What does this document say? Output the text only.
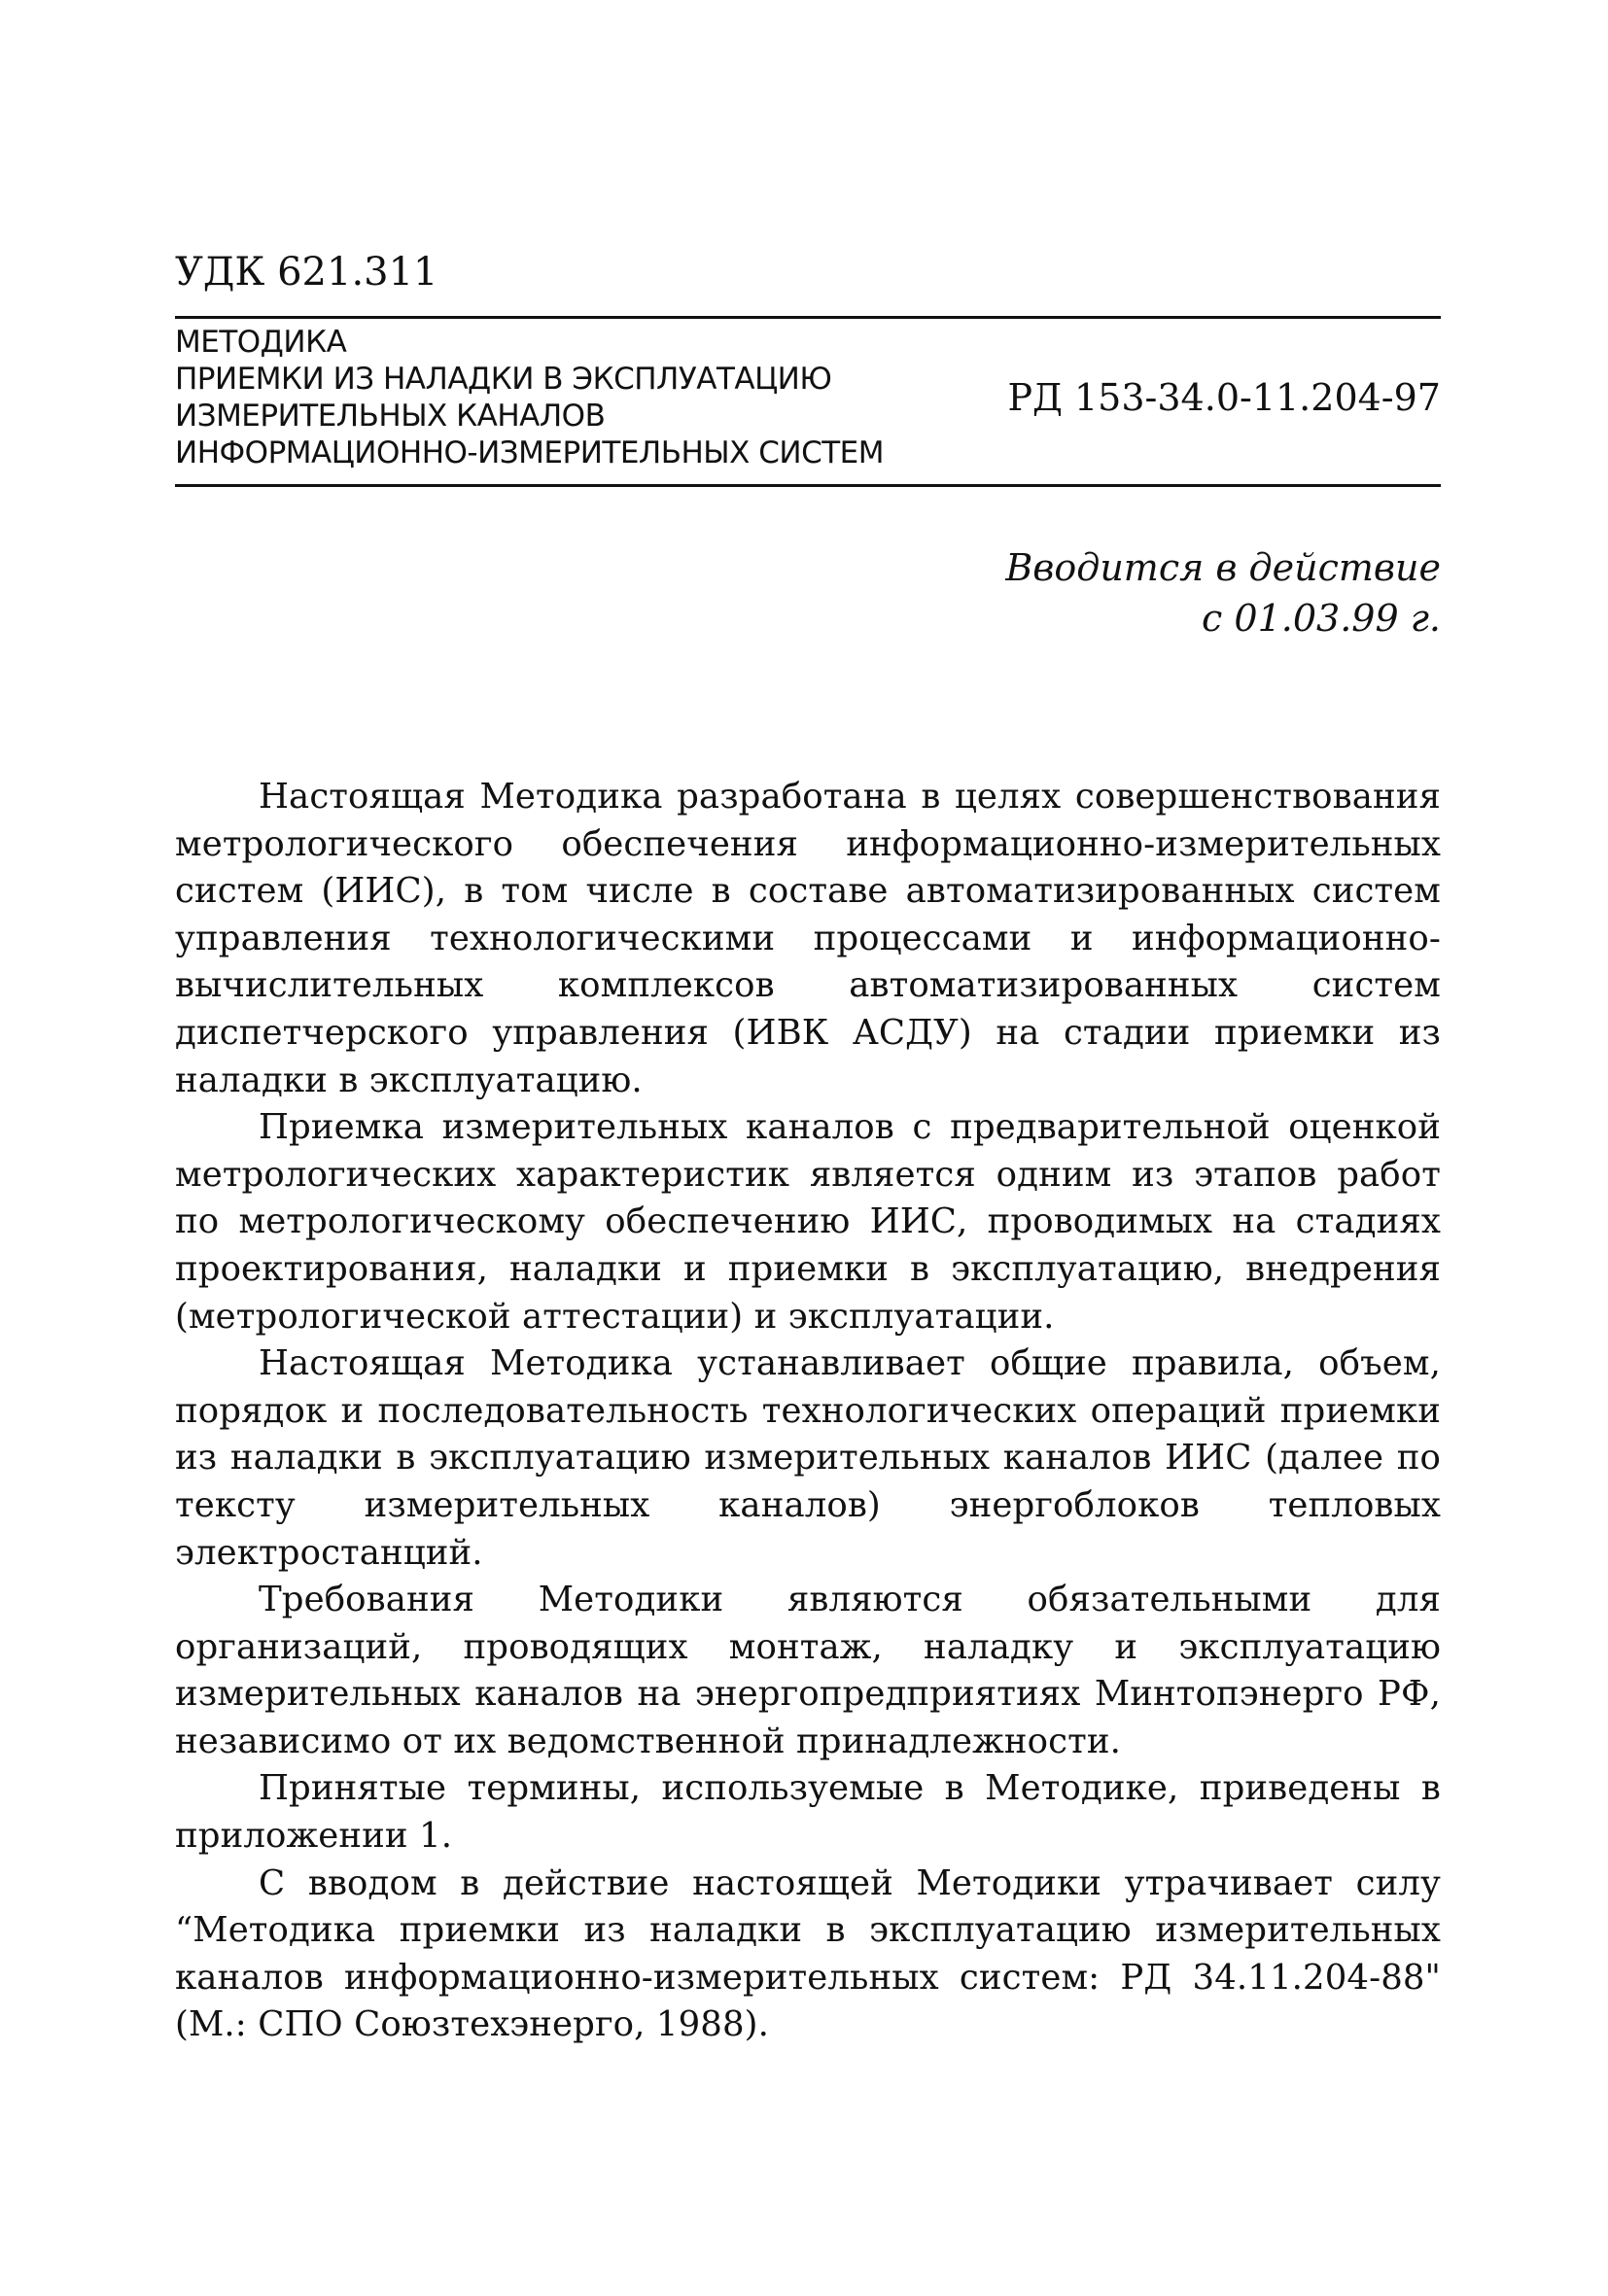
УДК 621.311
МЕТОДИКА
ПРИЕМКИ ИЗ НАЛАДКИ В ЭКСПЛУАТАЦИЮ
ИЗМЕРИТЕЛЬНЫХ КАНАЛОВ
ИНФОРМАЦИОННО-ИЗМЕРИТЕЛЬНЫХ СИСТЕМ
РД 153-34.0-11.204-97
Вводится в действие
с 01.03.99 г.

Настоящая Методика разработана в целях совершенствования метрологического обеспечения информационно-измерительных систем (ИИС), в том числе в составе автоматизированных систем управления технологическими процессами и информационно-вычислительных комплексов автоматизированных систем диспетчерского управления (ИВК АСДУ) на стадии приемки из наладки в эксплуатацию.

Приемка измерительных каналов с предварительной оценкой метрологических характеристик является одним из этапов работ по метрологическому обеспечению ИИС, проводимых на стадиях проектирования, наладки и приемки в эксплуатацию, внедрения (метрологической аттестации) и эксплуатации.

Настоящая Методика устанавливает общие правила, объем, порядок и последовательность технологических операций приемки из наладки в эксплуатацию измерительных каналов ИИС (далее по тексту измерительных каналов) энергоблоков тепловых электростанций.

Требования Методики являются обязательными для организаций, проводящих монтаж, наладку и эксплуатацию измерительных каналов на энергопредприятиях Минтопэнерго РФ, независимо от их ведомственной принадлежности.

Принятые термины, используемые в Методике, приведены в приложении 1.

С вводом в действие настоящей Методики утрачивает силу “Методика приемки из наладки в эксплуатацию измерительных каналов информационно-измерительных систем: РД 34.11.204-88" (М.: СПО Союзтехэнерго, 1988).
